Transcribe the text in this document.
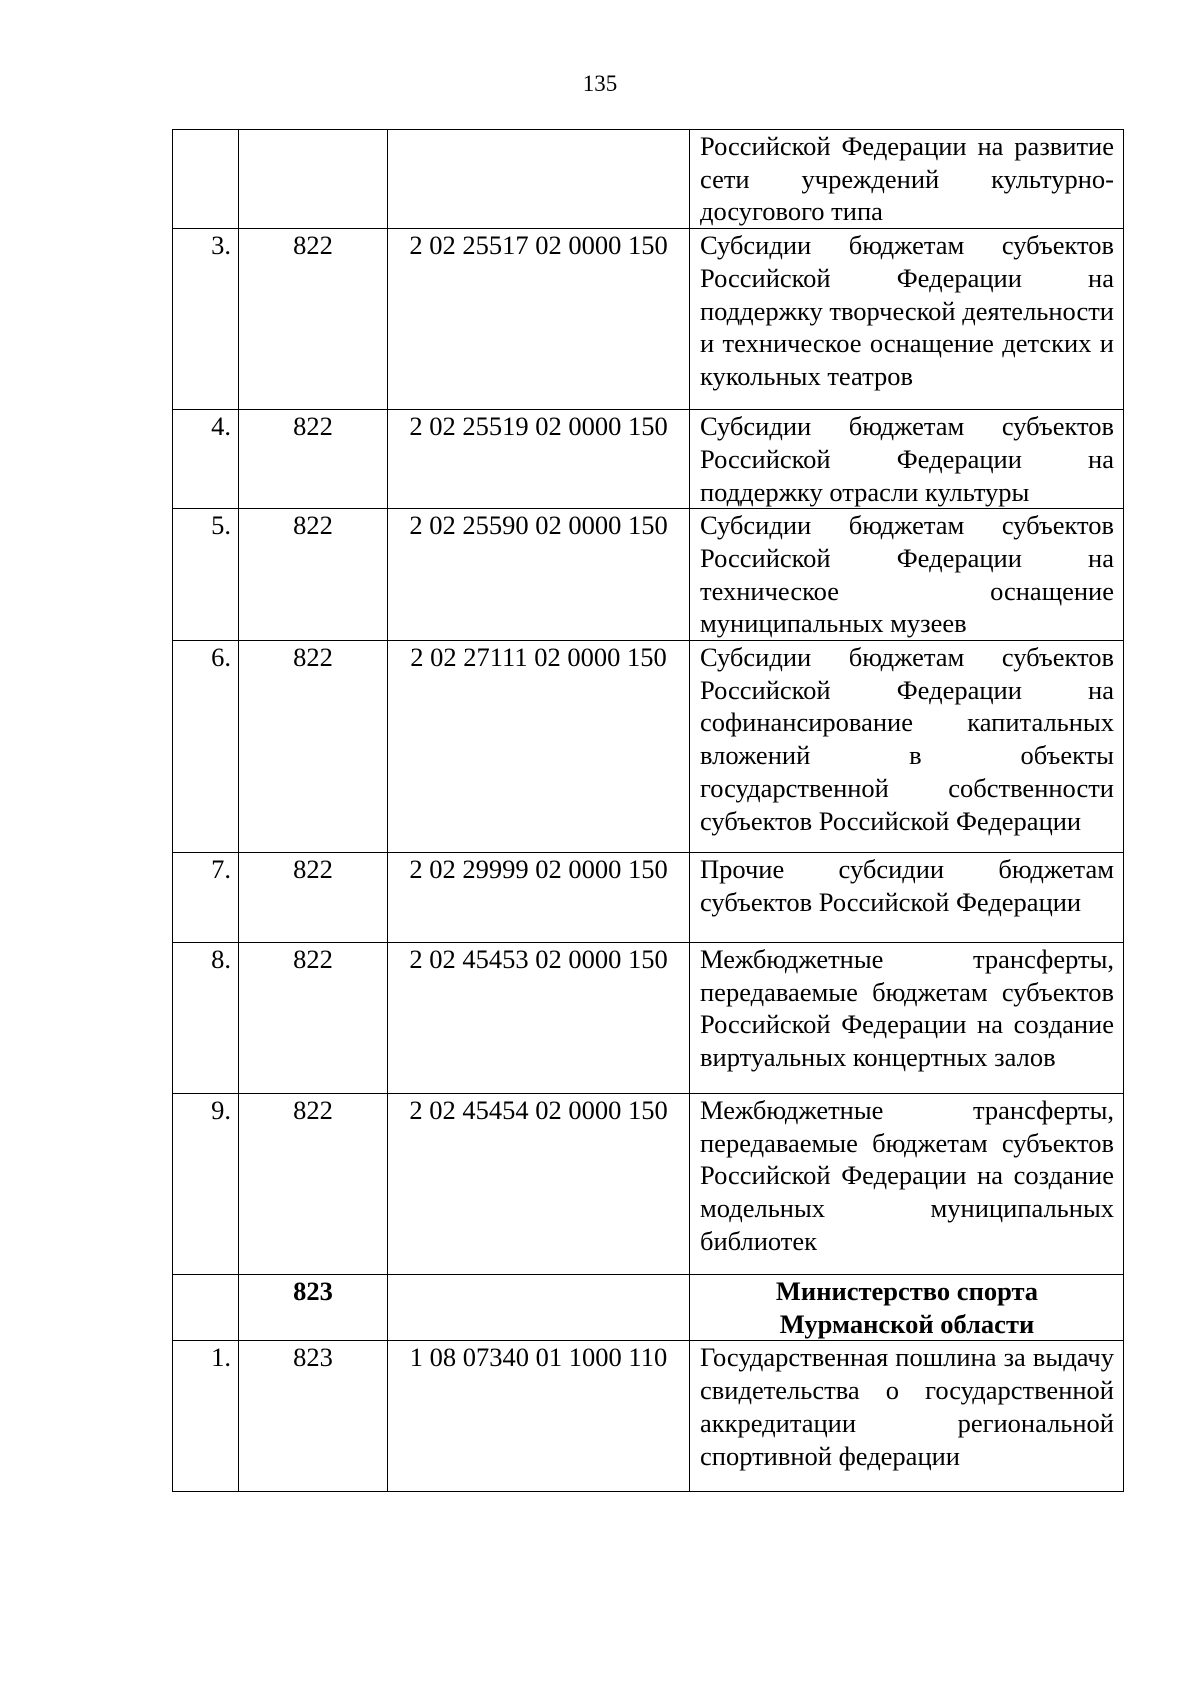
135
			Российской Федерации на развитие сети учреждений культурно-досугового типа
3.	822	2 02 25517 02 0000 150	Субсидии бюджетам субъектов Российской Федерации на поддержку творческой деятельности и техническое оснащение детских и кукольных театров
4.	822	2 02 25519 02 0000 150	Субсидии бюджетам субъектов Российской Федерации на поддержку отрасли культуры
5.	822	2 02 25590 02 0000 150	Субсидии бюджетам субъектов Российской Федерации на техническое оснащение муниципальных музеев
6.	822	2 02 27111 02 0000 150	Субсидии бюджетам субъектов Российской Федерации на софинансирование капитальных вложений в объекты государственной собственности субъектов Российской Федерации
7.	822	2 02 29999 02 0000 150	Прочие субсидии бюджетам субъектов Российской Федерации
8.	822	2 02 45453 02 0000 150	Межбюджетные трансферты, передаваемые бюджетам субъектов Российской Федерации на создание виртуальных концертных залов
9.	822	2 02 45454 02 0000 150	Межбюджетные трансферты, передаваемые бюджетам субъектов Российской Федерации на создание модельных муниципальных библиотек
	823		Министерство спорта Мурманской области
1.	823	1 08 07340 01 1000 110	Государственная пошлина за выдачу свидетельства о государственной аккредитации региональной спортивной федерации
